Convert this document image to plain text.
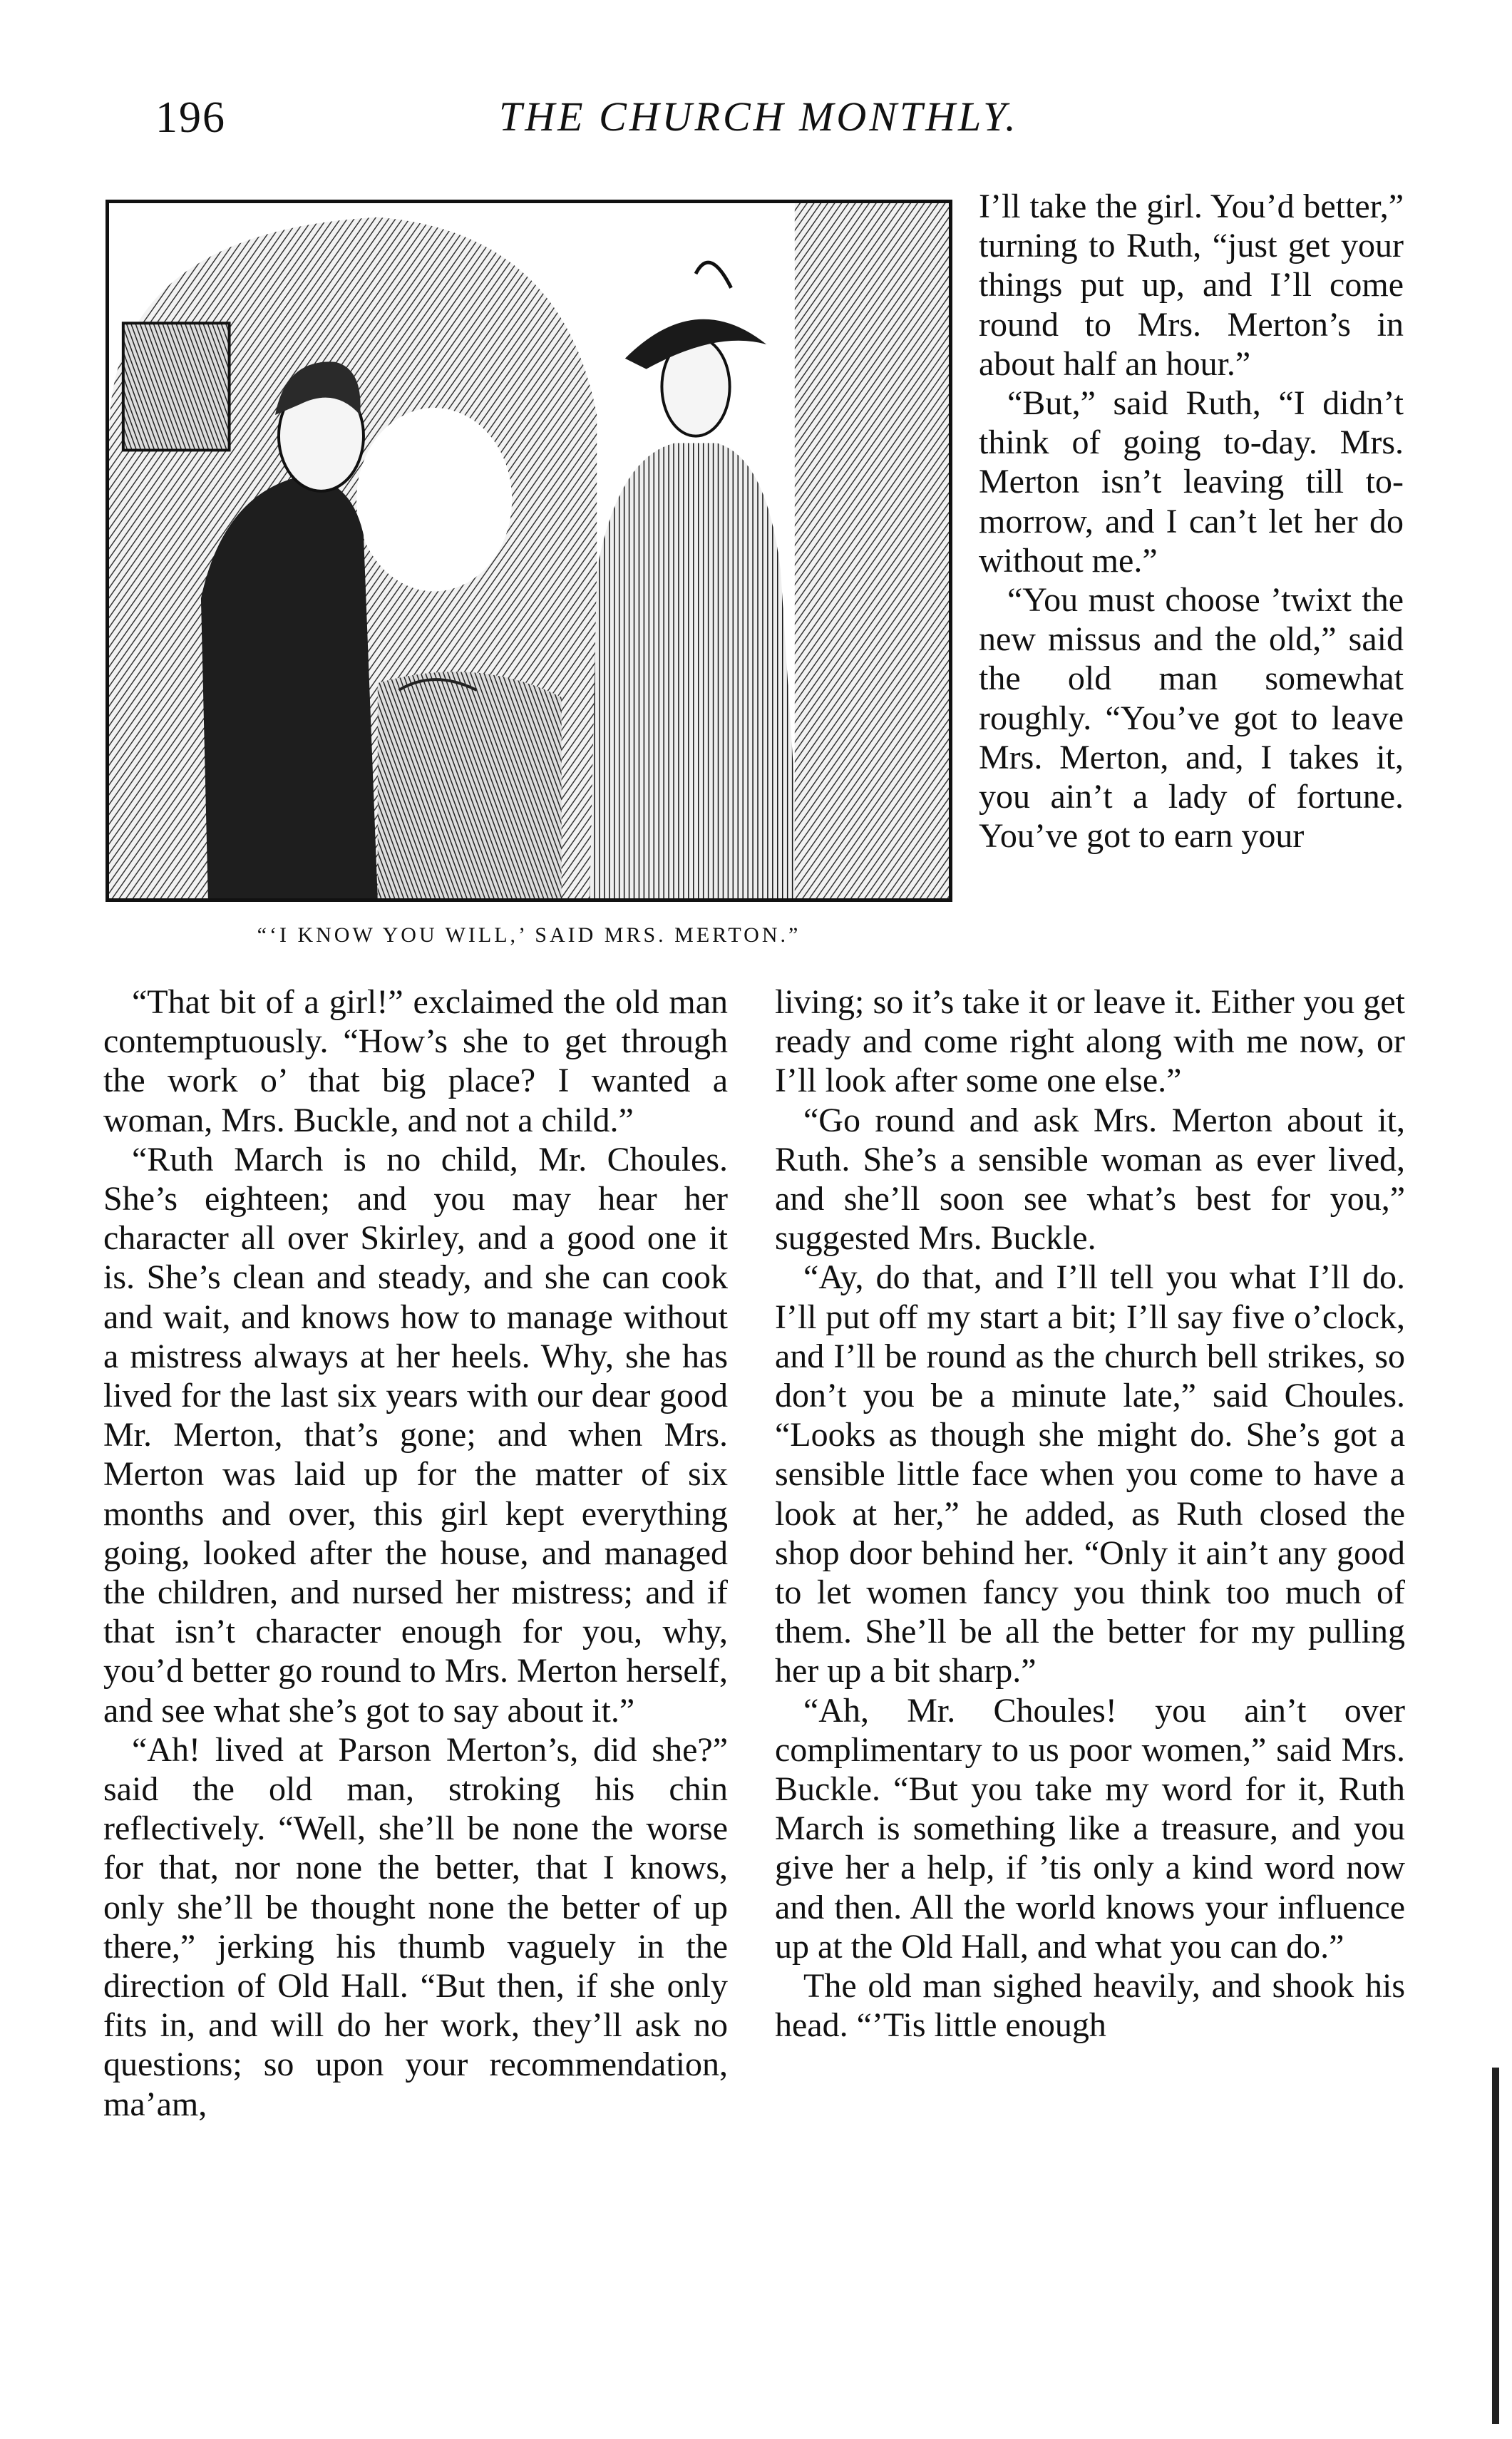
196	THE CHURCH MONTHLY.
“‘I KNOW YOU WILL,’ SAID MRS. MERTON.”

I’ll take the girl. You’d better,” turning to Ruth, “just get your things put up, and I’ll come round to Mrs. Merton’s in about half an hour.”

“But,” said Ruth, “I didn’t think of going to-day. Mrs. Merton isn’t leaving till to-morrow, and I can’t let her do without me.”

“You must choose ’twixt the new missus and the old,” said the old man somewhat roughly. “You’ve got to leave Mrs. Merton, and, I takes it, you ain’t a lady of fortune. You’ve got to earn your

“That bit of a girl!” exclaimed the old man contemptuously. “How’s she to get through the work o’ that big place? I wanted a woman, Mrs. Buckle, and not a child.”

“Ruth March is no child, Mr. Choules. She’s eighteen; and you may hear her character all over Skirley, and a good one it is. She’s clean and steady, and she can cook and wait, and knows how to manage without a mistress always at her heels. Why, she has lived for the last six years with our dear good Mr. Merton, that’s gone; and when Mrs. Merton was laid up for the matter of six months and over, this girl kept everything going, looked after the house, and managed the children, and nursed her mistress; and if that isn’t character enough for you, why, you’d better go round to Mrs. Merton herself, and see what she’s got to say about it.”

“Ah! lived at Parson Merton’s, did she?” said the old man, stroking his chin reflectively. “Well, she’ll be none the worse for that, nor none the better, that I knows, only she’ll be thought none the better of up there,” jerking his thumb vaguely in the direction of Old Hall. “But then, if she only fits in, and will do her work, they’ll ask no questions; so upon your recommendation, ma’am,

living; so it’s take it or leave it. Either you get ready and come right along with me now, or I’ll look after some one else.”

“Go round and ask Mrs. Merton about it, Ruth. She’s a sensible woman as ever lived, and she’ll soon see what’s best for you,” suggested Mrs. Buckle.

“Ay, do that, and I’ll tell you what I’ll do. I’ll put off my start a bit; I’ll say five o’clock, and I’ll be round as the church bell strikes, so don’t you be a minute late,” said Choules. “Looks as though she might do. She’s got a sensible little face when you come to have a look at her,” he added, as Ruth closed the shop door behind her. “Only it ain’t any good to let women fancy you think too much of them. She’ll be all the better for my pulling her up a bit sharp.”

“Ah, Mr. Choules! you ain’t over complimentary to us poor women,” said Mrs. Buckle. “But you take my word for it, Ruth March is something like a treasure, and you give her a help, if ’tis only a kind word now and then. All the world knows your influence up at the Old Hall, and what you can do.”

The old man sighed heavily, and shook his head. “’Tis little enough
